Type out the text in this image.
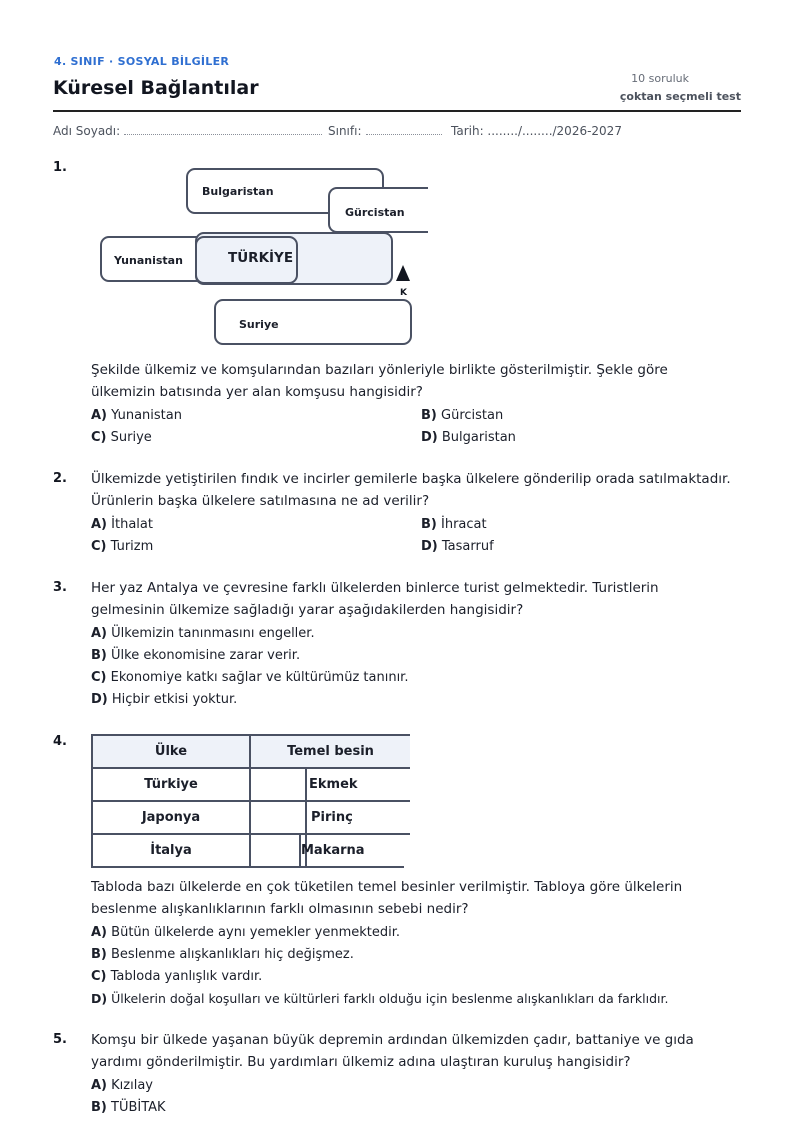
4. SINIF · SOSYAL BİLGİLER
Küresel Bağlantılar	10 soruluk
çoktan seçmeli test
Adı Soyadı:	Sınıfı:	Tarih: ......../......../2026-2027
1.
Bulgaristan
Gürcistan
Yunanistan	TÜRKİYE
Suriye
K
Şekilde ülkemiz ve komşularından bazıları yönleriyle birlikte gösterilmiştir. Şekle göre ülkemizin batısında yer alan komşusu hangisidir?
A) Yunanistan	B) Gürcistan
C) Suriye	D) Bulgaristan
2. Ülkemizde yetiştirilen fındık ve incirler gemilerle başka ülkelere gönderilip orada satılmaktadır. Ürünlerin başka ülkelere satılmasına ne ad verilir?
A) İthalat	B) İhracat
C) Turizm	D) Tasarruf
3. Her yaz Antalya ve çevresine farklı ülkelerden binlerce turist gelmektedir. Turistlerin gelmesinin ülkemize sağladığı yarar aşağıdakilerden hangisidir?
A) Ülkemizin tanınmasını engeller.
B) Ülke ekonomisine zarar verir.
C) Ekonomiye katkı sağlar ve kültürümüz tanınır.
D) Hiçbir etkisi yoktur.
4.
Ülke	Temel besin
Türkiye	Ekmek
Japonya	Pirinç
İtalya	Makarna
Tabloda bazı ülkelerde en çok tüketilen temel besinler verilmiştir. Tabloya göre ülkelerin beslenme alışkanlıklarının farklı olmasının sebebi nedir?
A) Bütün ülkelerde aynı yemekler yenmektedir.
B) Beslenme alışkanlıkları hiç değişmez.
C) Tabloda yanlışlık vardır.
D) Ülkelerin doğal koşulları ve kültürleri farklı olduğu için beslenme alışkanlıkları da farklıdır.
5. Komşu bir ülkede yaşanan büyük depremin ardından ülkemizden çadır, battaniye ve gıda yardımı gönderilmiştir. Bu yardımları ülkemiz adına ulaştıran kuruluş hangisidir?
A) Kızılay
B) TÜBİTAK
